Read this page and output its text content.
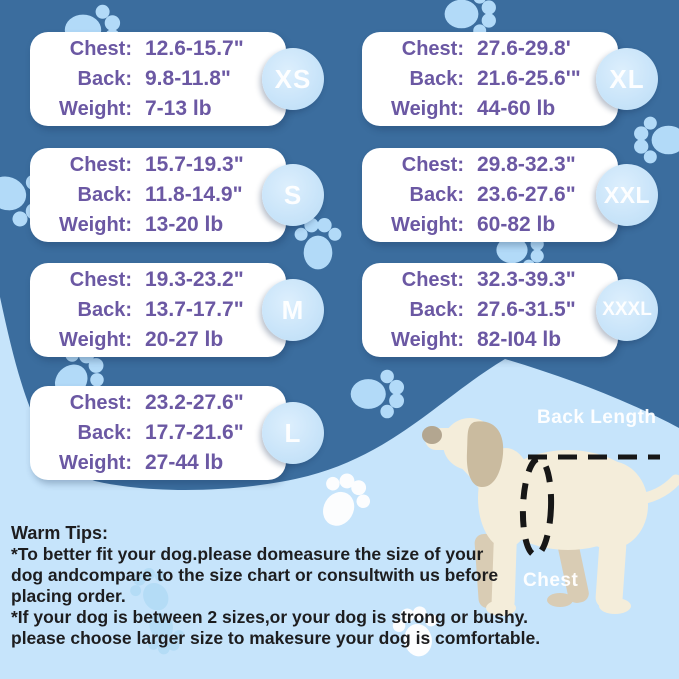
Chest: 12.6-15.7"
Back: 9.8-11.8"
Weight: 7-13 lb
XS
Chest: 15.7-19.3"
Back: 11.8-14.9"
Weight: 13-20 lb
S
Chest: 19.3-23.2"
Back: 13.7-17.7"
Weight: 20-27 lb
M
Chest: 23.2-27.6"
Back: 17.7-21.6"
Weight: 27-44 lb
L
Chest: 27.6-29.8'
Back: 21.6-25.6'"
Weight: 44-60 lb
XL
Chest: 29.8-32.3"
Back: 23.6-27.6"
Weight: 60-82 lb
XXL
Chest: 32.3-39.3"
Back: 27.6-31.5"
Weight: 82-I04 lb
XXXL
Back Length
Chest
Warm Tips:
*To better fit your dog.please domeasure the size of your
dog andcompare to the size chart or consultwith us before
placing order.
*If your dog is between 2 sizes,or your dog is strong or bushy.
please choose larger size to makesure your dog is comfortable.
